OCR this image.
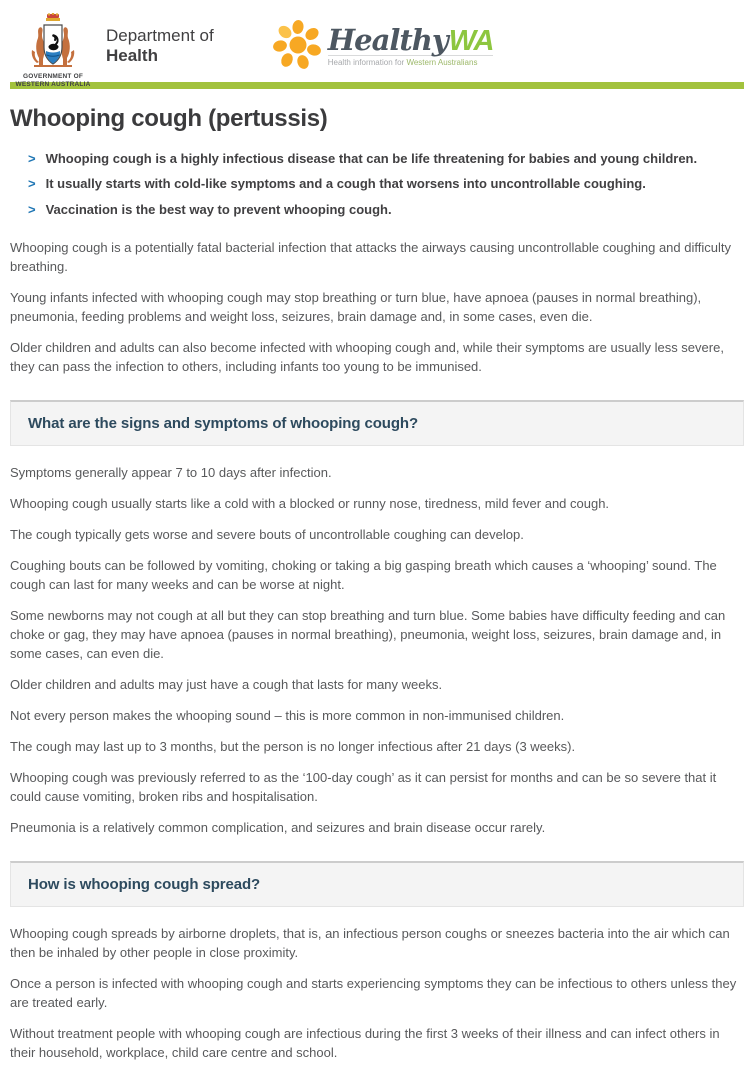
GOVERNMENT OF
WESTERN AUSTRALIA
Department of
Health	HealthyWA
Health information for Western Australians
Whooping cough (pertussis)
> Whooping cough is a highly infectious disease that can be life threatening for babies and young children.
> It usually starts with cold-like symptoms and a cough that worsens into uncontrollable coughing.
> Vaccination is the best way to prevent whooping cough.

Whooping cough is a potentially fatal bacterial infection that attacks the airways causing uncontrollable coughing and difficulty breathing.

Young infants infected with whooping cough may stop breathing or turn blue, have apnoea (pauses in normal breathing), pneumonia, feeding problems and weight loss, seizures, brain damage and, in some cases, even die.

Older children and adults can also become infected with whooping cough and, while their symptoms are usually less severe, they can pass the infection to others, including infants too young to be immunised.

What are the signs and symptoms of whooping cough?

Symptoms generally appear 7 to 10 days after infection.

Whooping cough usually starts like a cold with a blocked or runny nose, tiredness, mild fever and cough.

The cough typically gets worse and severe bouts of uncontrollable coughing can develop.

Coughing bouts can be followed by vomiting, choking or taking a big gasping breath which causes a ‘whooping’ sound. The cough can last for many weeks and can be worse at night.

Some newborns may not cough at all but they can stop breathing and turn blue. Some babies have difficulty feeding and can choke or gag, they may have apnoea (pauses in normal breathing), pneumonia, weight loss, seizures, brain damage and, in some cases, can even die.

Older children and adults may just have a cough that lasts for many weeks.

Not every person makes the whooping sound – this is more common in non-immunised children.

The cough may last up to 3 months, but the person is no longer infectious after 21 days (3 weeks).

Whooping cough was previously referred to as the ‘100-day cough’ as it can persist for months and can be so severe that it could cause vomiting, broken ribs and hospitalisation.

Pneumonia is a relatively common complication, and seizures and brain disease occur rarely.

How is whooping cough spread?

Whooping cough spreads by airborne droplets, that is, an infectious person coughs or sneezes bacteria into the air which can then be inhaled by other people in close proximity.

Once a person is infected with whooping cough and starts experiencing symptoms they can be infectious to others unless they are treated early.

Without treatment people with whooping cough are infectious during the first 3 weeks of their illness and can infect others in their household, workplace, child care centre and school.
